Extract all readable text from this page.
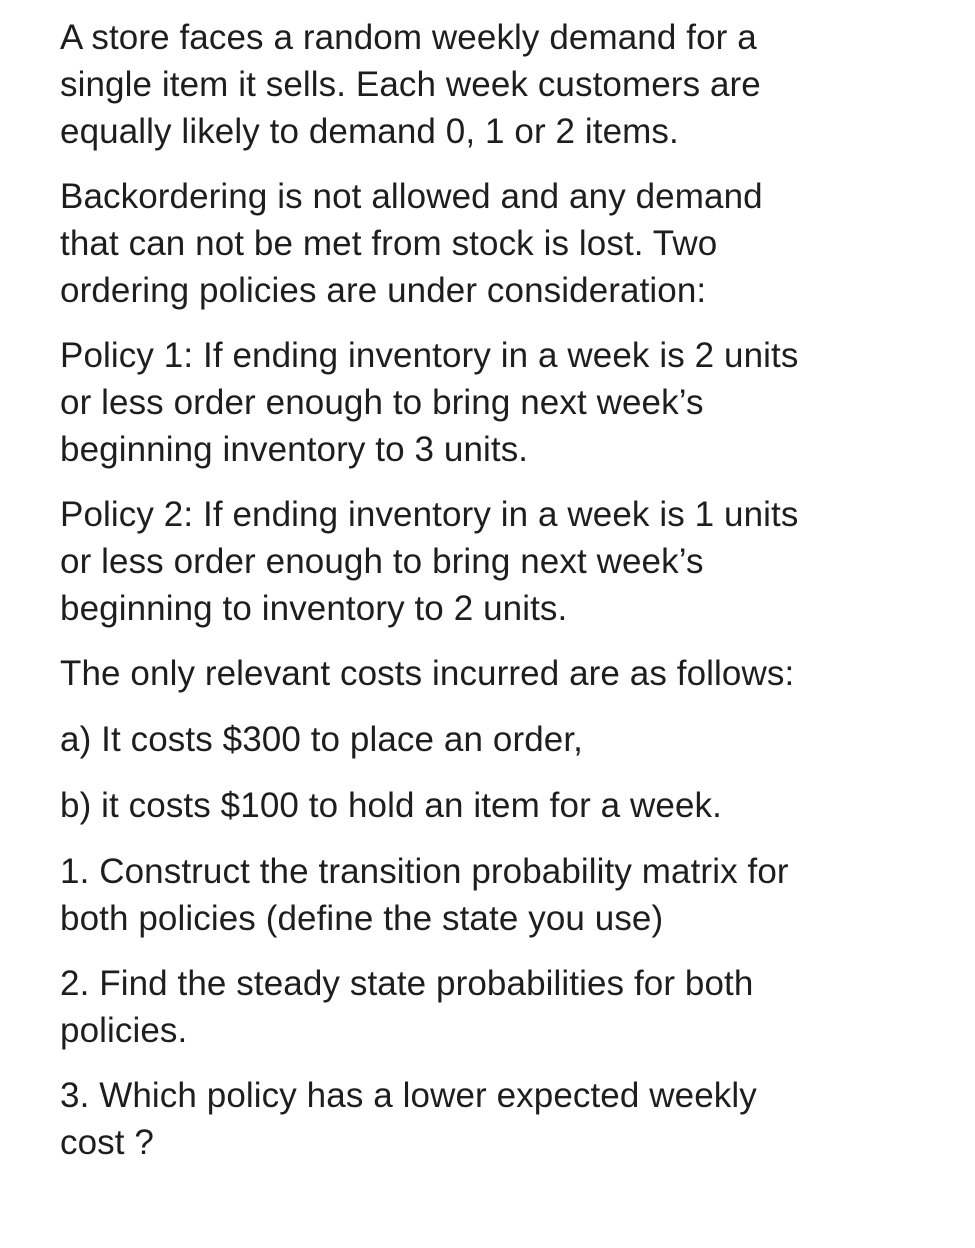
A store faces a random weekly demand for a
single item it sells. Each week customers are
equally likely to demand 0, 1 or 2 items.

Backordering is not allowed and any demand
that can not be met from stock is lost. Two
ordering policies are under consideration:

Policy 1: If ending inventory in a week is 2 units
or less order enough to bring next week’s
beginning inventory to 3 units.

Policy 2: If ending inventory in a week is 1 units
or less order enough to bring next week’s
beginning to inventory to 2 units.

The only relevant costs incurred are as follows:

a) It costs $300 to place an order,

b) it costs $100 to hold an item for a week.

1. Construct the transition probability matrix for
both policies (define the state you use)

2. Find the steady state probabilities for both
policies.

3. Which policy has a lower expected weekly
cost ?
